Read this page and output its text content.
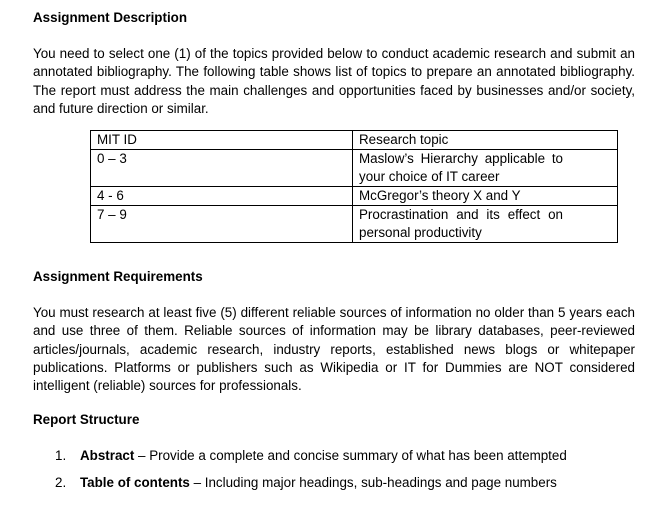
Assignment Description
You need to select one (1) of the topics provided below to conduct academic research and submit an annotated bibliography. The following table shows list of topics to prepare an annotated bibliography. The report must address the main challenges and opportunities faced by businesses and/or society, and future direction or similar.
MIT ID	Research topic
0 – 3	Maslow’s Hierarchy applicable to your choice of IT career
4 - 6	McGregor’s theory X and Y
7 – 9	Procrastination and its effect on personal productivity
Assignment Requirements
You must research at least five (5) different reliable sources of information no older than 5 years each and use three of them. Reliable sources of information may be library databases, peer-reviewed articles/journals, academic research, industry reports, established news blogs or whitepaper publications. Platforms or publishers such as Wikipedia or IT for Dummies are NOT considered intelligent (reliable) sources for professionals.
Report Structure
1. Abstract – Provide a complete and concise summary of what has been attempted
2. Table of contents – Including major headings, sub-headings and page numbers
